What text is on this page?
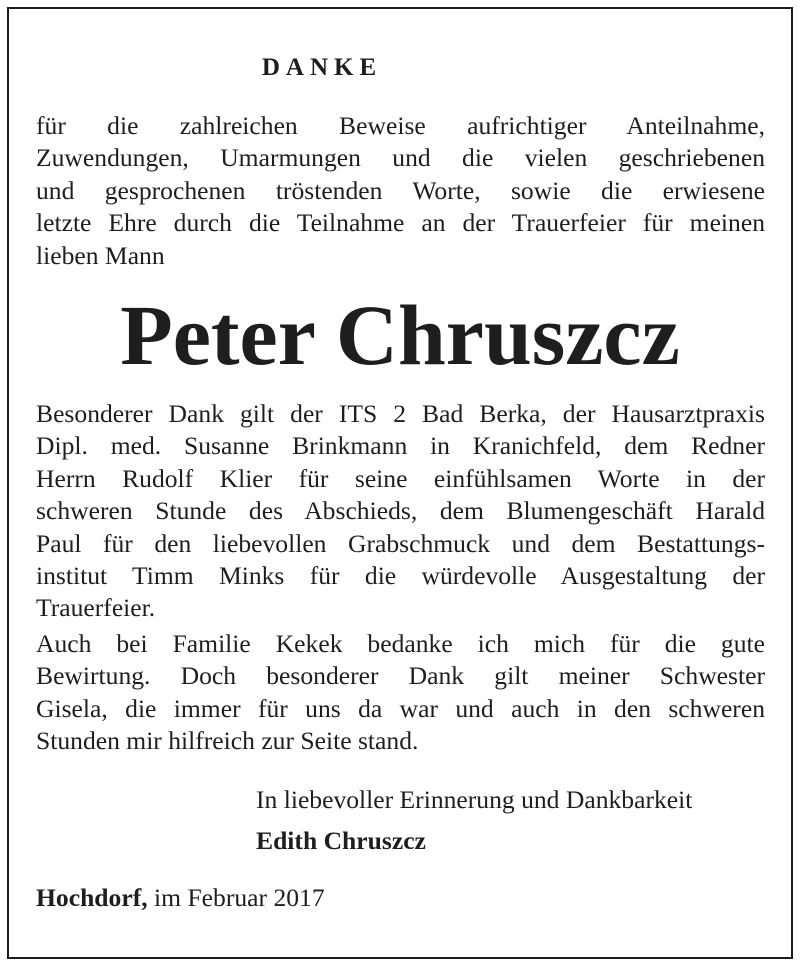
DANKE
für die zahlreichen Beweise aufrichtiger Anteilnahme,
Zuwendungen, Umarmungen und die vielen geschriebenen
und gesprochenen tröstenden Worte, sowie die erwiesene
letzte Ehre durch die Teilnahme an der Trauerfeier für meinen
lieben Mann
Peter Chruszcz
Besonderer Dank gilt der ITS 2 Bad Berka, der Hausarztpraxis
Dipl. med. Susanne Brinkmann in Kranichfeld, dem Redner
Herrn Rudolf Klier für seine einfühlsamen Worte in der
schweren Stunde des Abschieds, dem Blumengeschäft Harald
Paul für den liebevollen Grabschmuck und dem Bestattungs-
institut Timm Minks für die würdevolle Ausgestaltung der
Trauerfeier.
Auch bei Familie Kekek bedanke ich mich für die gute
Bewirtung. Doch besonderer Dank gilt meiner Schwester
Gisela, die immer für uns da war und auch in den schweren
Stunden mir hilfreich zur Seite stand.
In liebevoller Erinnerung und Dankbarkeit
Edith Chruszcz
Hochdorf, im Februar 2017
